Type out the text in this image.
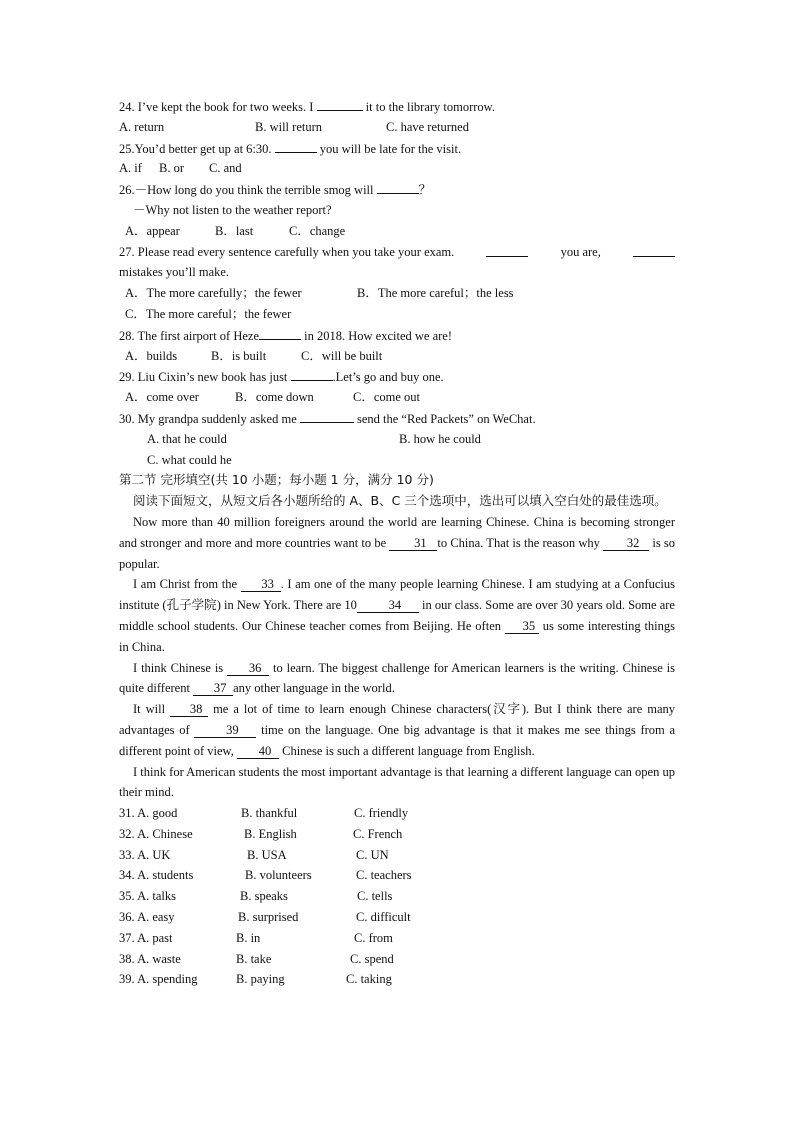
24. I’ve kept the book for two weeks. I	it to the library tomorrow.
A. return	B. will return	C. have returned
25.You’d better get up at 6:30.	you will be late for the visit.
A. if B. or C. and
26.－How long do you think the terrible smog will	？
－Why not listen to the weather report?
A．appear	B．last	C．change
27. Please read every sentence carefully when you take your exam.	you are,
mistakes you’ll make.
A．The more carefully；the fewer	B．The more careful；the less
C．The more careful；the fewer
28. The first airport of Heze	in 2018. How excited we are!
A．builds	B．is built	C．will be built
29. Liu Cixin’s new book has just	.Let’s go and buy one.
A．come over	B．come down	C．come out
30. My grandpa suddenly asked me	send the “Red Packets” on WeChat.
A. that he could	B. how he could
C. what could he
第二节 完形填空(共 10 小题；每小题 1 分，满分 10 分)
阅读下面短文，从短文后各小题所给的 A、B、C 三个选项中，选出可以填入空白处的最佳选项。
Now more than 40 million foreigners around the world are learning Chinese. China is becoming stronger and stronger and more and more countries want to be 31 to China. That is the reason why 32 is so popular.
I am Christ from the 33 . I am one of the many people learning Chinese. I am studying at a Confucius institute (孔子学院) in New York. There are 10	34 in our class. Some are over 30 years old. Some are middle school students. Our Chinese teacher comes from Beijing. He often 35 us some interesting things in China.
I think Chinese is 36 to learn. The biggest challenge for American learners is the writing. Chinese is quite different 37 any other language in the world.
It will 38 me a lot of time to learn enough Chinese characters(汉字). But I think there are many advantages of	39 time on the language. One big advantage is that it makes me see things from a different point of view, 40 Chinese is such a different language from English.
I think for American students the most important advantage is that learning a different language can open up their mind.
31. A. good	B. thankful	C. friendly
32. A. Chinese	B. English	C. French
33. A. UK	B. USA	C. UN
34. A. students	B. volunteers	C. teachers
35. A. talks	B. speaks	C. tells
36. A. easy	B. surprised	C. difficult
37. A. past	B. in	C. from
38. A. waste	B. take	C. spend
39. A. spending	B. paying	C. taking
